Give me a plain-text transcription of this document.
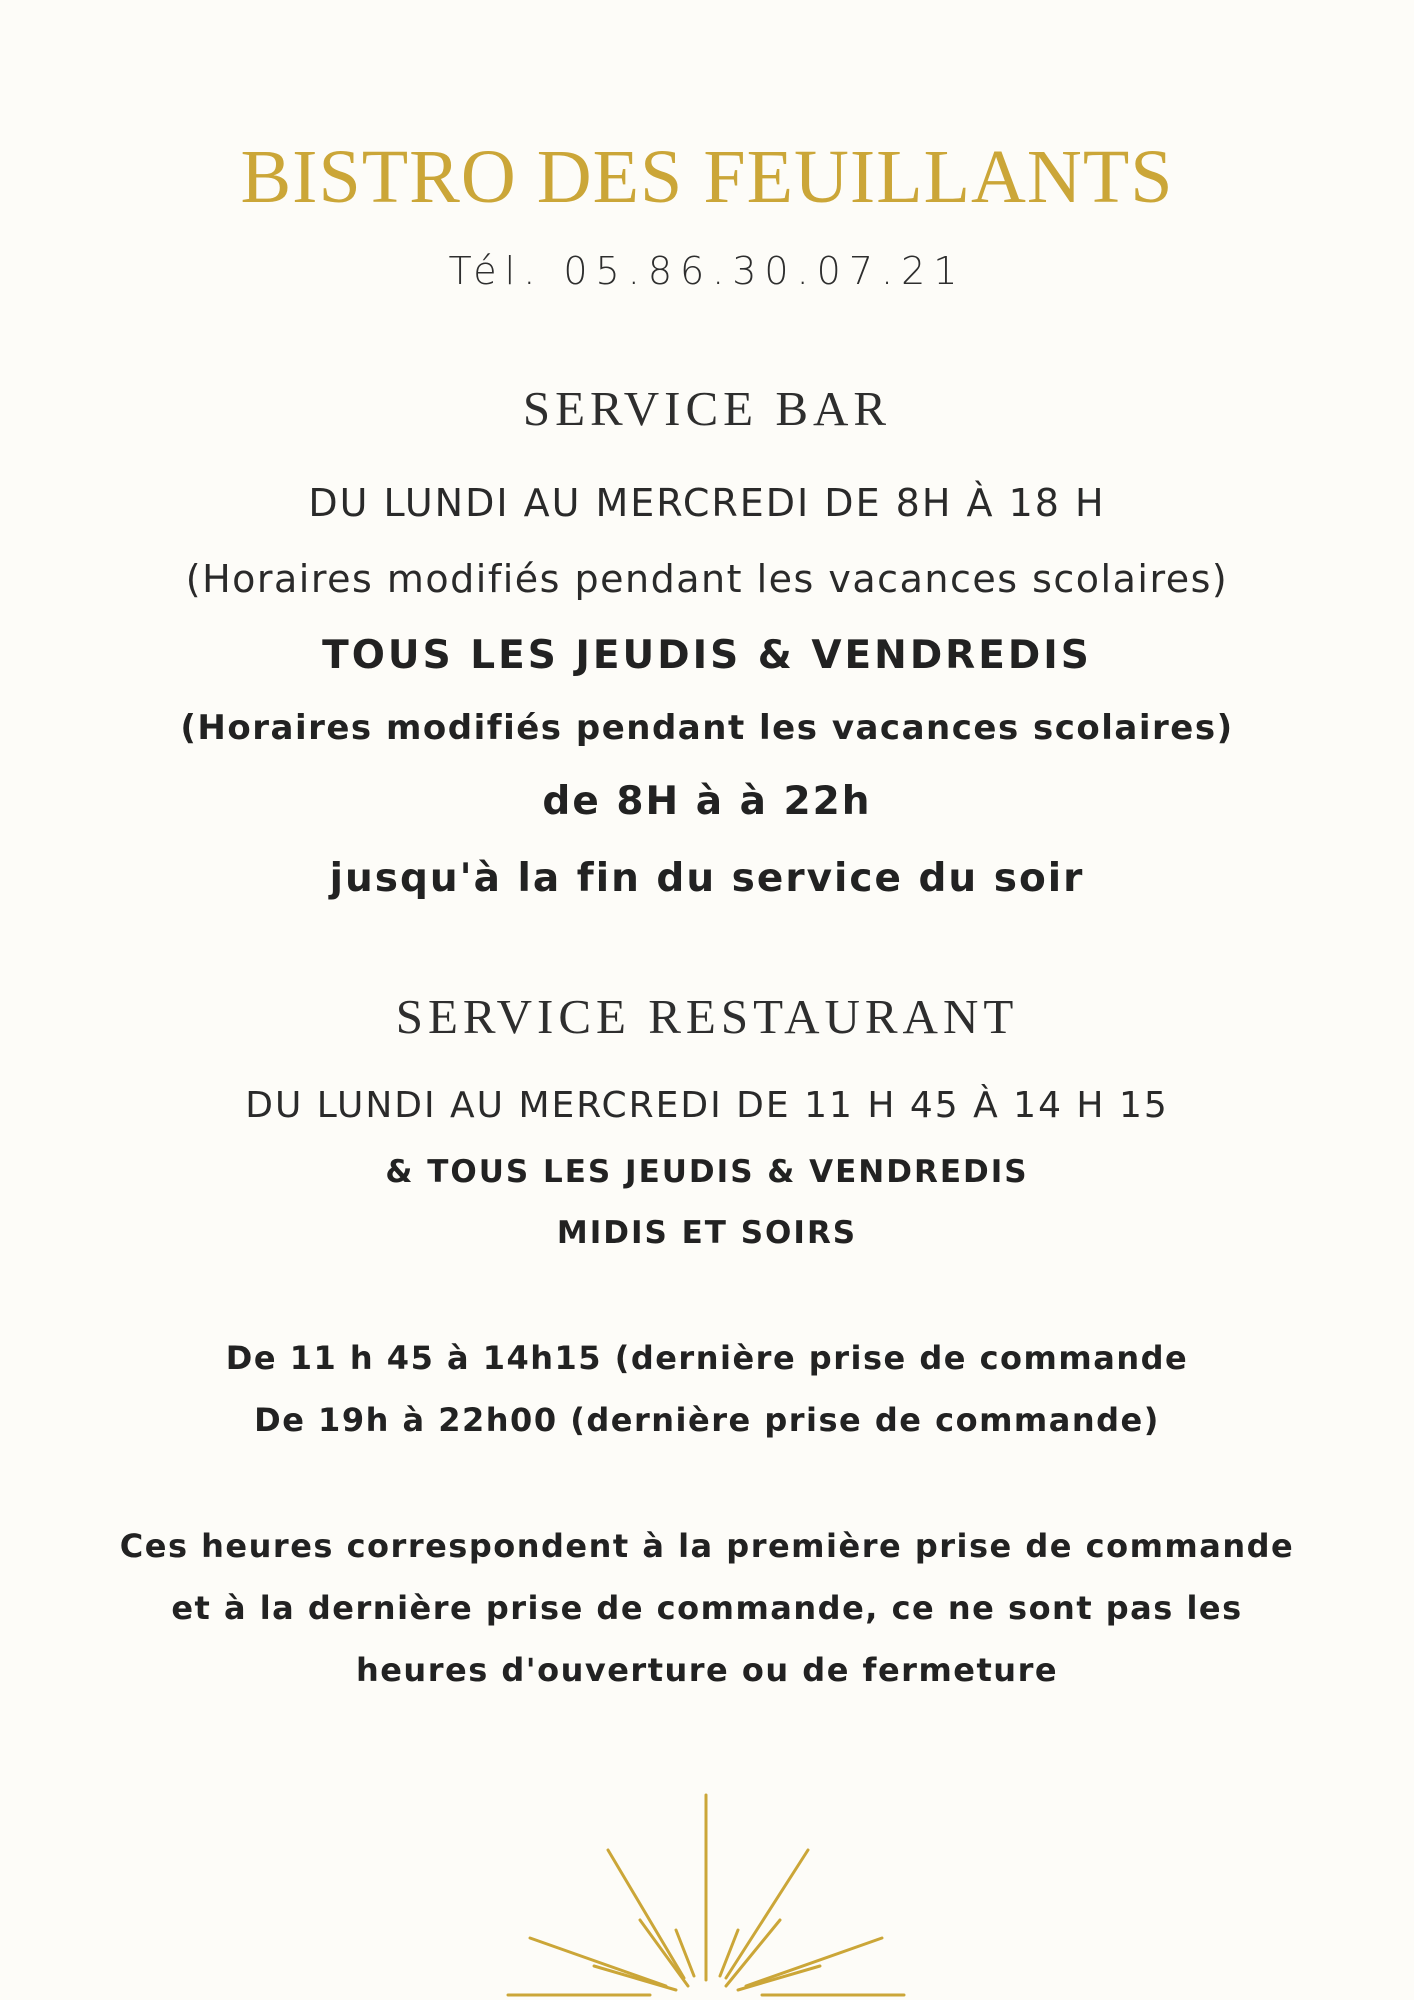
BISTRO DES FEUILLANTS
Tél. 05.86.30.07.21
SERVICE BAR
DU LUNDI AU MERCREDI DE 8H À 18 H
(Horaires modifiés pendant les vacances scolaires)
TOUS LES JEUDIS & VENDREDIS
(Horaires modifiés pendant les vacances scolaires)
de 8H à à 22h
jusqu'à la fin du service du soir
SERVICE RESTAURANT
DU LUNDI AU MERCREDI DE 11 H 45 À 14 H 15
& TOUS LES JEUDIS & VENDREDIS
MIDIS ET SOIRS
De 11 h 45 à 14h15 (dernière prise de commande
De 19h à 22h00 (dernière prise de commande)
Ces heures correspondent à la première prise de commande
et à la dernière prise de commande, ce ne sont pas les
heures d'ouverture ou de fermeture
